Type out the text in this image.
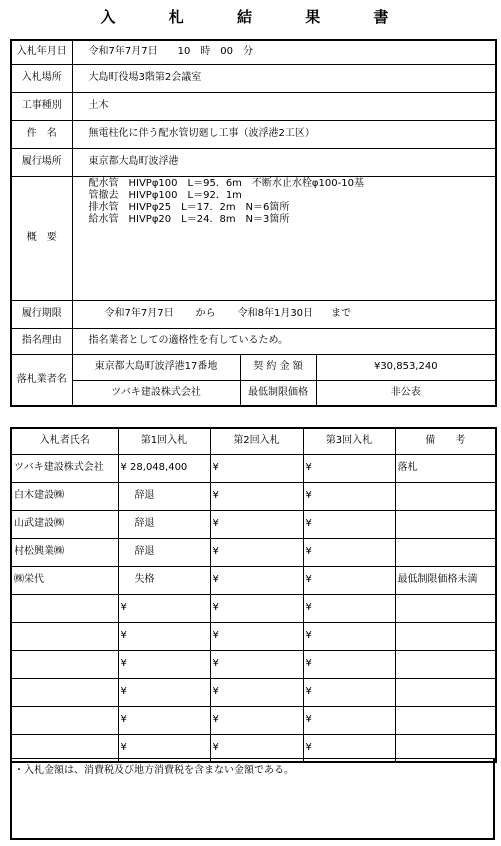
入 札 結 果 書
入札年月日	令和7年7月7日　　10　時　00　分		
入札場所	大島町役場3階第2会議室		
工事種別	土木		
件　名	無電柱化に伴う配水管切廻し工事（波浮港2工区）		
履行場所	東京都大島町波浮港		
概　要	配水管　HIVPφ100　L＝95．6m　不断水止水栓φ100-10基
管撤去　HIVPφ100　L＝92．1m
排水管　HIVPφ25　L＝17．2m　N＝6箇所
給水管　HIVPφ20　L＝24．8m　N＝3箇所		

履行期限	令和7年7月7日 から 令和8年1月30日 まで		
指名理由	指名業者としての適格性を有しているため。		
落札業者名	東京都大島町波浮港17番地	契 約 金 額	¥30,853,240
	ツバキ建設株式会社	最低制限価格	非公表
入札者氏名	第1回入札	第2回入札	第3回入札	備　　考
ツバキ建設株式会社	¥ 28,048,400	¥	¥	落札
白木建設㈱	辞退	¥	¥	
山武建設㈱	辞退	¥	¥	
村松興業㈱	辞退	¥	¥	
㈱栄代	失格	¥	¥	最低制限価格未満
	¥	¥	¥	
	¥	¥	¥	
	¥	¥	¥	
	¥	¥	¥	
	¥	¥	¥	
	¥	¥	¥	
・入札金額は、消費税及び地方消費税を含まない金額である。
